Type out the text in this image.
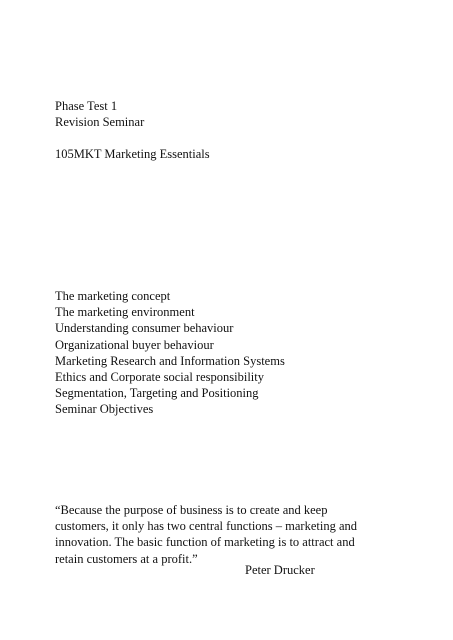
Phase Test 1
Revision Seminar
105MKT Marketing Essentials
The marketing concept
The marketing environment
Understanding consumer behaviour
Organizational buyer behaviour
Marketing Research and Information Systems
Ethics and Corporate social responsibility
Segmentation, Targeting and Positioning
Seminar Objectives
“Because the purpose of business is to create and keep
customers, it only has two central functions – marketing and
innovation. The basic function of marketing is to attract and
retain customers at a profit.”
Peter Drucker
